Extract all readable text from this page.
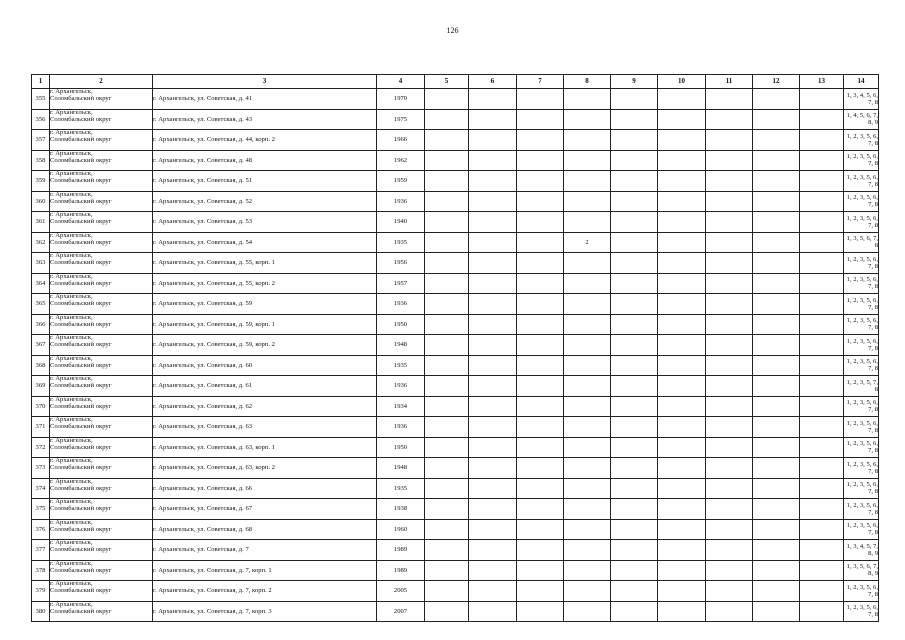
126
1	2	3	4	5	6	7	8	9	10	11	12	13	14
355	г. Архангельск,
Соломбальский округ	г. Архангельск, ул. Советская, д. 41	1970										1, 3, 4, 5, 6, 7, 8
356	г. Архангельск,
Соломбальский округ	г. Архангельск, ул. Советская, д. 43	1975										1, 4, 5, 6, 7, 8, 9
357	г. Архангельск,
Соломбальский округ	г. Архангельск, ул. Советская, д. 44, корп. 2	1966										1, 2, 3, 5, 6, 7, 8
358	г. Архангельск,
Соломбальский округ	г. Архангельск, ул. Советская, д. 48	1962										1, 2, 3, 5, 6, 7, 8
359	г. Архангельск,
Соломбальский округ	г. Архангельск, ул. Советская, д. 51	1959										1, 2, 3, 5, 6, 7, 8
360	г. Архангельск,
Соломбальский округ	г. Архангельск, ул. Советская, д. 52	1936										1, 2, 3, 5, 6, 7, 8
361	г. Архангельск,
Соломбальский округ	г. Архангельск, ул. Советская, д. 53	1940										1, 2, 3, 5, 6, 7, 8
362	г. Архангельск,
Соломбальский округ	г. Архангельск, ул. Советская, д. 54	1935				2						1, 3, 5, 6, 7, 8
363	г. Архангельск,
Соломбальский округ	г. Архангельск, ул. Советская, д. 55, корп. 1	1956										1, 2, 3, 5, 6, 7, 8
364	г. Архангельск,
Соломбальский округ	г. Архангельск, ул. Советская, д. 55, корп. 2	1957										1, 2, 3, 5, 6, 7, 8
365	г. Архангельск,
Соломбальский округ	г. Архангельск, ул. Советская, д. 59	1936										1, 2, 3, 5, 6, 7, 8
366	г. Архангельск,
Соломбальский округ	г. Архангельск, ул. Советская, д. 59, корп. 1	1950										1, 2, 3, 5, 6, 7, 8
367	г. Архангельск,
Соломбальский округ	г. Архангельск, ул. Советская, д. 59, корп. 2	1948										1, 2, 3, 5, 6, 7, 8
368	г. Архангельск,
Соломбальский округ	г. Архангельск, ул. Советская, д. 60	1935										1, 2, 3, 5, 6, 7, 8
369	г. Архангельск,
Соломбальский округ	г. Архангельск, ул. Советская, д. 61	1936										1, 2, 3, 5, 7, 8
370	г. Архангельск,
Соломбальский округ	г. Архангельск, ул. Советская, д. 62	1934										1, 2, 3, 5, 6, 7, 8
371	г. Архангельск,
Соломбальский округ	г. Архангельск, ул. Советская, д. 63	1936										1, 2, 3, 5, 6, 7, 8
372	г. Архангельск,
Соломбальский округ	г. Архангельск, ул. Советская, д. 63, корп. 1	1950										1, 2, 3, 5, 6, 7, 8
373	г. Архангельск,
Соломбальский округ	г. Архангельск, ул. Советская, д. 63, корп. 2	1948										1, 2, 3, 5, 6, 7, 8
374	г. Архангельск,
Соломбальский округ	г. Архангельск, ул. Советская, д. 66	1935										1, 2, 3, 5, 6, 7, 8
375	г. Архангельск,
Соломбальский округ	г. Архангельск, ул. Советская, д. 67	1938										1, 2, 3, 5, 6, 7, 8
376	г. Архангельск,
Соломбальский округ	г. Архангельск, ул. Советская, д. 68	1960										1, 2, 3, 5, 6, 7, 8
377	г. Архангельск,
Соломбальский округ	г. Архангельск, ул. Советская, д. 7	1989										1, 3, 4, 5, 7, 8, 9
378	г. Архангельск,
Соломбальский округ	г. Архангельск, ул. Советская, д. 7, корп. 1	1989										1, 3, 5, 6, 7, 8, 9
379	г. Архангельск,
Соломбальский округ	г. Архангельск, ул. Советская, д. 7, корп. 2	2005										1, 2, 3, 5, 6, 7, 8
380	г. Архангельск,
Соломбальский округ	г. Архангельск, ул. Советская, д. 7, корп. 3	2007										1, 2, 3, 5, 6, 7, 8
